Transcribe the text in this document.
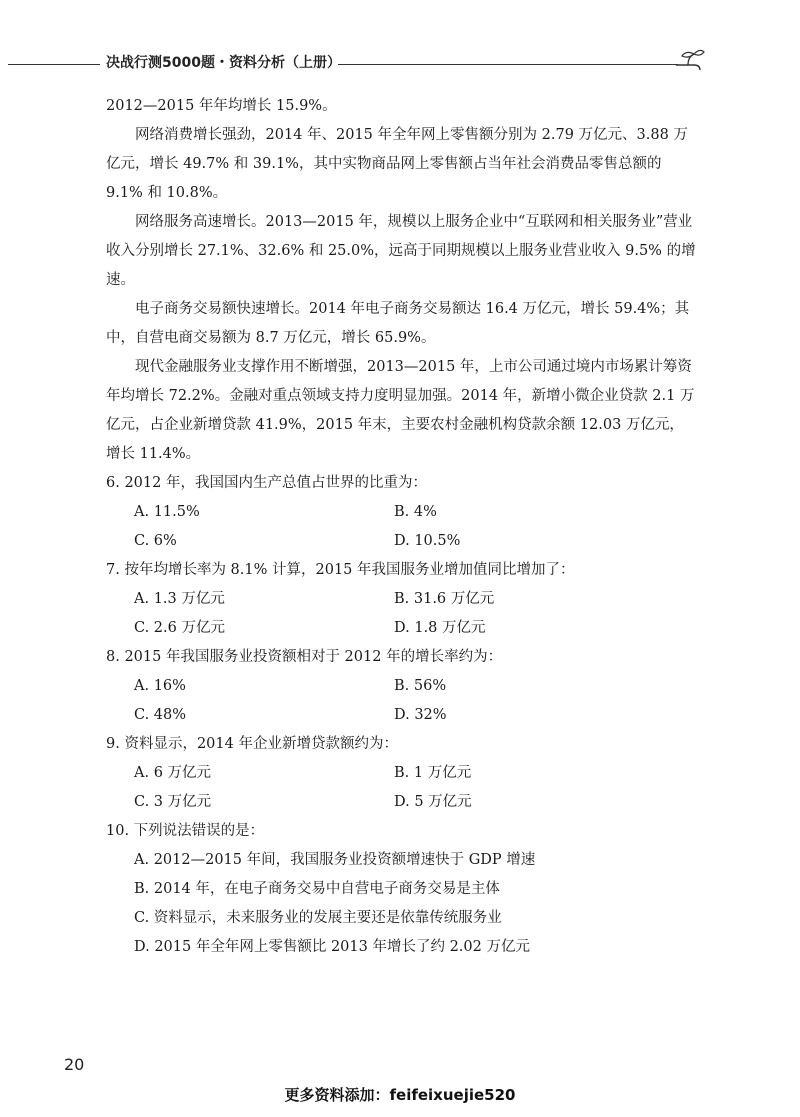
决战行测5000题・资料分析（上册）

2012—2015 年年均增长 15.9%。

网络消费增长强劲，2014 年、2015 年全年网上零售额分别为 2.79 万亿元、3.88 万亿元，增长 49.7% 和 39.1%，其中实物商品网上零售额占当年社会消费品零售总额的 9.1% 和 10.8%。

网络服务高速增长。2013—2015 年，规模以上服务企业中“互联网和相关服务业”营业收入分别增长 27.1%、32.6% 和 25.0%，远高于同期规模以上服务业营业收入 9.5% 的增速。

电子商务交易额快速增长。2014 年电子商务交易额达 16.4 万亿元，增长 59.4%；其中，自营电商交易额为 8.7 万亿元，增长 65.9%。

现代金融服务业支撑作用不断增强，2013—2015 年，上市公司通过境内市场累计筹资年均增长 72.2%。金融对重点领域支持力度明显加强。2014 年，新增小微企业贷款 2.1 万亿元，占企业新增贷款 41.9%，2015 年末，主要农村金融机构贷款余额 12.03 万亿元，增长 11.4%。

6. 2012 年，我国国内生产总值占世界的比重为：

A. 11.5%	B. 4%
C. 6%	D. 10.5%

7. 按年均增长率为 8.1% 计算，2015 年我国服务业增加值同比增加了：

A. 1.3 万亿元	B. 31.6 万亿元
C. 2.6 万亿元	D. 1.8 万亿元

8. 2015 年我国服务业投资额相对于 2012 年的增长率约为：

A. 16%	B. 56%
C. 48%	D. 32%

9. 资料显示，2014 年企业新增贷款额约为：

A. 6 万亿元	B. 1 万亿元
C. 3 万亿元	D. 5 万亿元

10. 下列说法错误的是：

A. 2012—2015 年间，我国服务业投资额增速快于 GDP 增速

B. 2014 年，在电子商务交易中自营电子商务交易是主体

C. 资料显示，未来服务业的发展主要还是依靠传统服务业

D. 2015 年全年网上零售额比 2013 年增长了约 2.02 万亿元

20
更多资料添加：feifeixuejie520
